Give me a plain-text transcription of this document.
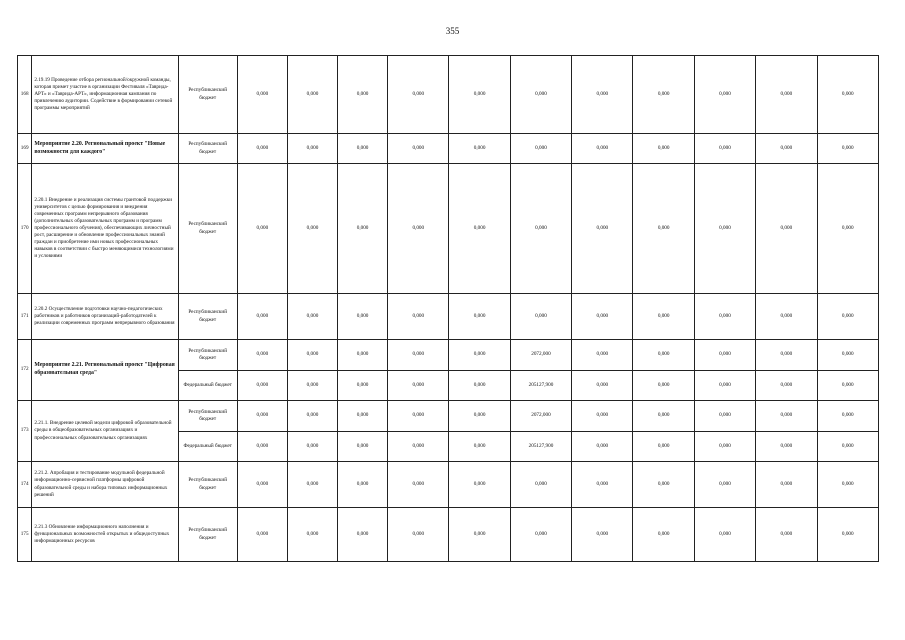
355
168	2.19.19 Проведение отбора региональной/окружной команды, которая примет участие в организации Фестиваля «Таврида-АРТ» и «Таврида-АРТ», информационная кампания по привлечению аудитории. Содействие в формировании сетевой программы мероприятий	Республиканский бюджет	0,000	0,000	0,000	0,000	0,000	0,000	0,000	0,000	0,000	0,000	0,000
169	Мероприятие 2.20. Региональный проект "Новые возможности для каждого"	Республиканский бюджет	0,000	0,000	0,000	0,000	0,000	0,000	0,000	0,000	0,000	0,000	0,000
170	2.20.1 Внедрение и реализация системы грантовой поддержки университетов с целью формирования и внедрения современных программ непрерывного образования (дополнительных образовательных программ и программ профессионального обучения), обеспечивающих личностный рост, расширение и обновление профессиональных знаний граждан и приобретение ими новых профессиональных навыков в соответствии с быстро меняющимися технологиями и условиями	Республиканский бюджет	0,000	0,000	0,000	0,000	0,000	0,000	0,000	0,000	0,000	0,000	0,000
171	2.20.2 Осуществление подготовки научно-педагогических работников и работников организаций-работодателей к реализации современных программ непрерывного образования	Республиканский бюджет	0,000	0,000	0,000	0,000	0,000	0,000	0,000	0,000	0,000	0,000	0,000
172	Мероприятие 2.21. Региональный проект "Цифровая образовательная среда"	Республиканский бюджет	0,000	0,000	0,000	0,000	0,000	2072,000	0,000	0,000	0,000	0,000	0,000
		Федеральный бюджет	0,000	0,000	0,000	0,000	0,000	205127,900	0,000	0,000	0,000	0,000	0,000
173	2.21.1. Внедрение целевой модели цифровой образовательной среды в общеобразовательных организациях и профессиональных образовательных организациях	Республиканский бюджет	0,000	0,000	0,000	0,000	0,000	2072,000	0,000	0,000	0,000	0,000	0,000
		Федеральный бюджет	0,000	0,000	0,000	0,000	0,000	205127,900	0,000	0,000	0,000	0,000	0,000
174	2.21.2. Апробация и тестирование модульной федеральной информационно-сервисной платформы цифровой образовательной среды и набора типовых информационных решений	Республиканский бюджет	0,000	0,000	0,000	0,000	0,000	0,000	0,000	0,000	0,000	0,000	0,000
175	2.21.3 Обновление информационного наполнения и функциональных возможностей открытых и общедоступных информационных ресурсов	Республиканский бюджет	0,000	0,000	0,000	0,000	0,000	0,000	0,000	0,000	0,000	0,000	0,000
